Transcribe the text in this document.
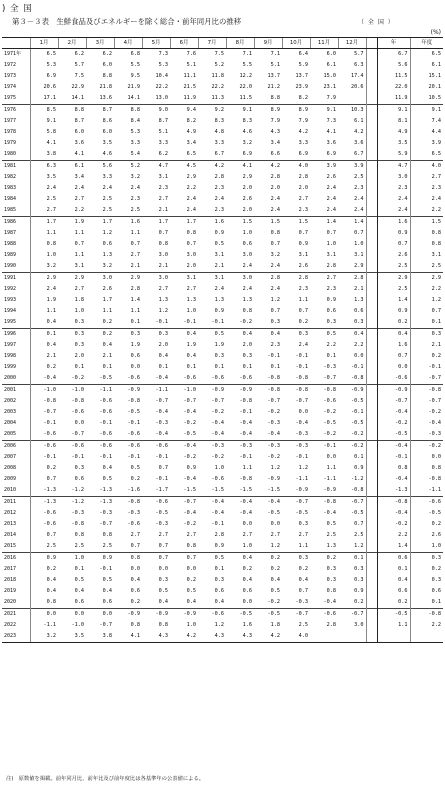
) 全 国
第３－３表　生鮮食品及びエネルギーを除く総合・前年同月比の推移	（ 全 国 ）
(%)
	1月	2月	3月	4月	5月	6月	7月	8月	9月	10月	11月	12月		年	年度
1971年	6.5	6.2	6.2	6.8	7.3	7.6	7.5	7.1	7.1	6.4	6.0	5.7		6.7	6.5
1972	5.3	5.7	6.0	5.5	5.3	5.1	5.2	5.5	5.1	5.9	6.1	6.3		5.6	6.1
1973	6.9	7.5	8.8	9.5	10.4	11.1	11.8	12.2	13.7	13.7	15.0	17.4		11.5	15.1
1974	20.6	22.9	21.8	21.9	22.2	21.5	22.2	22.0	21.2	23.9	23.1	20.6		22.0	20.1
1975	17.1	14.1	13.6	14.1	13.0	11.9	11.3	11.5	8.8	8.2	7.9			11.9	10.5
1976	8.5	8.8	8.7	8.8	9.0	9.4	9.2	9.1	8.9	8.9	9.1	10.3		9.1	9.1
1977	9.1	8.7	8.6	8.4	8.7	8.2	8.3	8.3	7.9	7.9	7.3	6.1		8.1	7.4
1978	5.8	6.0	6.0	5.3	5.1	4.9	4.8	4.6	4.3	4.2	4.1	4.2		4.9	4.4
1979	4.1	3.6	3.5	3.3	3.3	3.4	3.3	3.2	3.4	3.3	3.6	3.6		3.5	3.9
1980	3.8	4.1	4.6	5.4	6.2	6.5	6.7	6.9	6.6	6.9	6.9	6.7		5.9	6.5
1981	6.3	6.1	5.6	5.2	4.7	4.5	4.2	4.1	4.2	4.0	3.9	3.9		4.7	4.0
1982	3.5	3.4	3.3	3.2	3.1	2.9	2.8	2.9	2.8	2.8	2.6	2.5		3.0	2.7
1983	2.4	2.4	2.4	2.4	2.3	2.2	2.3	2.0	2.0	2.0	2.4	2.3		2.3	2.3
1984	2.5	2.7	2.5	2.3	2.7	2.4	2.4	2.6	2.4	2.7	2.4	2.4		2.4	2.4
1985	2.7	2.2	2.5	2.5	2.1	2.4	2.3	2.0	2.4	2.3	2.4	2.4		2.4	2.2
1986	1.7	1.9	1.7	1.6	1.7	1.7	1.6	1.5	1.5	1.5	1.4	1.4		1.6	1.5
1987	1.1	1.1	1.2	1.1	0.7	0.8	0.9	1.0	0.8	0.7	0.7	0.7		0.9	0.8
1988	0.8	0.7	0.6	0.7	0.8	0.7	0.5	0.6	0.7	0.9	1.0	1.0		0.7	0.8
1989	1.0	1.1	1.3	2.7	3.0	3.0	3.1	3.0	3.2	3.1	3.1	3.1		2.6	3.1
1990	3.2	3.1	3.2	2.1	2.1	2.0	2.1	2.4	2.4	2.6	2.8	2.9		2.5	2.5
1991	2.9	2.9	3.0	2.9	3.0	3.1	3.1	3.0	2.8	2.8	2.7	2.8		2.9	2.9
1992	2.4	2.7	2.6	2.8	2.7	2.7	2.4	2.4	2.4	2.3	2.3	2.1		2.5	2.2
1993	1.9	1.8	1.7	1.4	1.3	1.3	1.3	1.3	1.2	1.1	0.9	1.3		1.4	1.2
1994	1.1	1.0	1.1	1.1	1.2	1.0	0.9	0.8	0.7	0.7	0.6	0.6		0.9	0.7
1995	0.4	0.3	0.2	0.1	-0.1	-0.1	-0.1	-0.2	0.3	0.2	0.3	0.3		0.2	0.1
1996	0.1	0.3	0.2	0.3	0.3	0.4	0.5	0.4	0.4	0.3	0.5	0.4		0.4	0.3
1997	0.4	0.3	0.4	1.9	2.0	1.9	1.9	2.0	2.3	2.4	2.2	2.2		1.6	2.1
1998	2.1	2.0	2.1	0.6	0.4	0.4	0.3	0.3	-0.1	-0.1	0.1	0.0		0.7	0.2
1999	0.2	0.1	0.1	0.0	0.1	0.1	0.1	0.1	0.1	-0.1	-0.3	-0.1		0.0	-0.1
2000	-0.4	-0.2	-0.5	-0.6	-0.4	-0.6	-0.6	-0.6	-0.8	-0.8	-0.7	-0.8		-0.6	-0.7
2001	-1.0	-1.0	-1.1	-0.9	-1.1	-1.0	-0.9	-0.9	-0.8	-0.8	-0.8	-0.9		-0.9	-0.8
2002	-0.8	-0.8	-0.6	-0.8	-0.7	-0.7	-0.7	-0.8	-0.7	-0.7	-0.6	-0.5		-0.7	-0.7
2003	-0.7	-0.6	-0.6	-0.5	-0.4	-0.4	-0.2	-0.1	-0.2	0.0	-0.2	-0.1		-0.4	-0.2
2004	-0.1	0.0	-0.1	-0.1	-0.3	-0.2	-0.4	-0.4	-0.3	-0.4	-0.5	-0.5		-0.2	-0.4
2005	-0.6	-0.7	-0.6	-0.6	-0.4	-0.5	-0.4	-0.4	-0.4	-0.3	-0.2	-0.2		-0.5	-0.3
2006	-0.6	-0.6	-0.6	-0.6	-0.6	-0.4	-0.3	-0.3	-0.3	-0.3	-0.1	-0.2		-0.4	-0.2
2007	-0.1	-0.1	-0.1	-0.1	-0.1	-0.2	-0.2	-0.1	-0.2	-0.1	0.0	0.1		-0.1	0.0
2008	0.2	0.3	0.4	0.5	0.7	0.9	1.0	1.1	1.2	1.2	1.1	0.9		0.8	0.8
2009	0.7	0.6	0.5	0.2	-0.1	-0.4	-0.6	-0.8	-0.9	-1.1	-1.1	-1.2		-0.4	-0.8
2010	-1.3	-1.2	-1.3	-1.6	-1.7	-1.5	-1.5	-1.5	-1.5	-0.9	-0.9	-0.8		-1.3	-1.1
2011	-1.3	-1.2	-1.3	-0.8	-0.6	-0.7	-0.4	-0.4	-0.4	-0.7	-0.8	-0.7		-0.8	-0.6
2012	-0.6	-0.3	-0.3	-0.3	-0.5	-0.4	-0.4	-0.4	-0.5	-0.5	-0.4	-0.5		-0.4	-0.5
2013	-0.6	-0.8	-0.7	-0.6	-0.3	-0.2	-0.1	0.0	0.0	0.3	0.5	0.7		-0.2	0.2
2014	0.7	0.8	0.8	2.7	2.7	2.7	2.8	2.7	2.7	2.7	2.5	2.5		2.2	2.6
2015	2.5	2.5	2.5	0.7	0.7	0.8	0.9	1.0	1.2	1.1	1.3	1.2		1.4	1.0
2016	0.9	1.0	0.9	0.8	0.7	0.7	0.5	0.4	0.2	0.3	0.2	0.1		0.6	0.3
2017	0.2	0.1	-0.1	0.0	0.0	0.0	0.1	0.2	0.2	0.2	0.3	0.3		0.1	0.2
2018	0.4	0.5	0.5	0.4	0.3	0.2	0.3	0.4	0.4	0.4	0.3	0.3		0.4	0.3
2019	0.4	0.4	0.4	0.6	0.5	0.5	0.6	0.6	0.5	0.7	0.8	0.9		0.6	0.6
2020	0.8	0.6	0.6	0.2	0.4	0.4	0.4	0.0	-0.2	-0.3	-0.4	0.2		0.2	0.1
2021	0.0	0.0	0.0	-0.9	-0.9	-0.9	-0.6	-0.5	-0.5	-0.7	-0.6	-0.7		-0.5	-0.8
2022	-1.1	-1.0	-0.7	0.8	0.8	1.0	1.2	1.6	1.8	2.5	2.8	3.0		1.1	2.2
2023	3.2	3.5	3.8	4.1	4.3	4.2	4.3	4.3	4.2	4.0					
注)　原数値を掲載。前年同月比、前年比及び前年度比は各基準年の公表値による。
